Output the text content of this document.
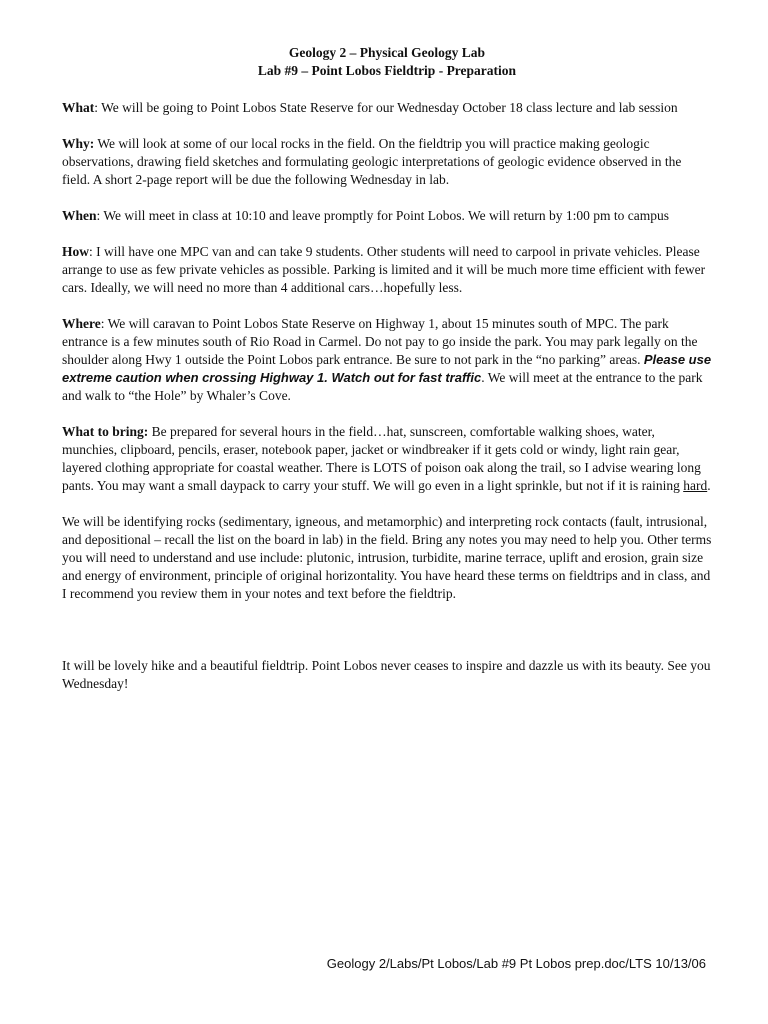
Geology 2 – Physical Geology Lab

Lab #9 – Point Lobos Fieldtrip - Preparation

What: We will be going to Point Lobos State Reserve for our Wednesday October 18 class lecture and lab session

Why: We will look at some of our local rocks in the field. On the fieldtrip you will practice making geologic observations, drawing field sketches and formulating geologic interpretations of geologic evidence observed in the field. A short 2-page report will be due the following Wednesday in lab.

When: We will meet in class at 10:10 and leave promptly for Point Lobos. We will return by 1:00 pm to campus

How: I will have one MPC van and can take 9 students. Other students will need to carpool in private vehicles. Please arrange to use as few private vehicles as possible. Parking is limited and it will be much more time efficient with fewer cars. Ideally, we will need no more than 4 additional cars…hopefully less.

Where: We will caravan to Point Lobos State Reserve on Highway 1, about 15 minutes south of MPC. The park entrance is a few minutes south of Rio Road in Carmel. Do not pay to go inside the park. You may park legally on the shoulder along Hwy 1 outside the Point Lobos park entrance. Be sure to not park in the “no parking” areas. Please use extreme caution when crossing Highway 1. Watch out for fast traffic. We will meet at the entrance to the park and walk to “the Hole” by Whaler’s Cove.

What to bring: Be prepared for several hours in the field…hat, sunscreen, comfortable walking shoes, water, munchies, clipboard, pencils, eraser, notebook paper, jacket or windbreaker if it gets cold or windy, light rain gear, layered clothing appropriate for coastal weather. There is LOTS of poison oak along the trail, so I advise wearing long pants. You may want a small daypack to carry your stuff. We will go even in a light sprinkle, but not if it is raining hard.

We will be identifying rocks (sedimentary, igneous, and metamorphic) and interpreting rock contacts (fault, intrusional, and depositional – recall the list on the board in lab) in the field. Bring any notes you may need to help you. Other terms you will need to understand and use include: plutonic, intrusion, turbidite, marine terrace, uplift and erosion, grain size and energy of environment, principle of original horizontality. You have heard these terms on fieldtrips and in class, and I recommend you review them in your notes and text before the fieldtrip.

It will be lovely hike and a beautiful fieldtrip. Point Lobos never ceases to inspire and dazzle us with its beauty. See you Wednesday!

Geology 2/Labs/Pt Lobos/Lab #9 Pt Lobos prep.doc/LTS 10/13/06
